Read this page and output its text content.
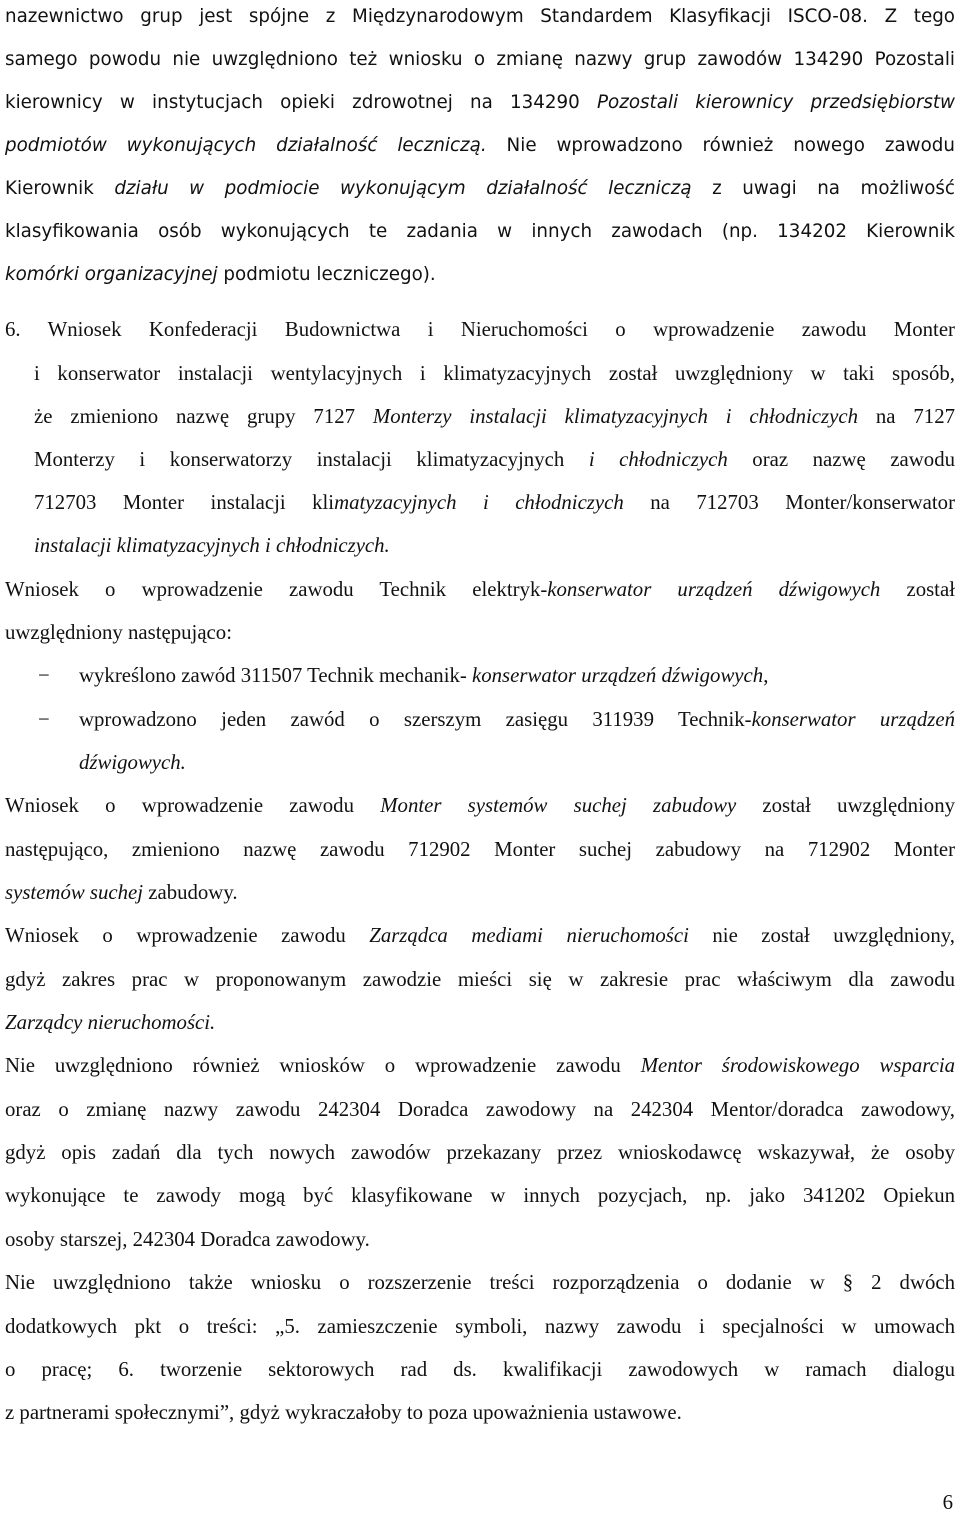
nazewnictwo grup jest spójne z Międzynarodowym Standardem Klasyfikacji ISCO-08. Z tego
samego powodu nie uwzględniono też wniosku o zmianę nazwy grup zawodów 134290 Pozostali
kierownicy w instytucjach opieki zdrowotnej na 134290 Pozostali kierownicy przedsiębiorstw
podmiotów wykonujących działalność leczniczą. Nie wprowadzono również nowego zawodu
Kierownik działu w podmiocie wykonującym działalność leczniczą z uwagi na możliwość
klasyfikowania osób wykonujących te zadania w innych zawodach (np. 134202 Kierownik
komórki organizacyjnej podmiotu leczniczego).
6. Wniosek Konfederacji Budownictwa i Nieruchomości o wprowadzenie zawodu Monter
i konserwator instalacji wentylacyjnych i klimatyzacyjnych został uwzględniony w taki sposób,
że zmieniono nazwę grupy 7127 Monterzy instalacji klimatyzacyjnych i chłodniczych na 7127
Monterzy i konserwatorzy instalacji klimatyzacyjnych i chłodniczych oraz nazwę zawodu
712703 Monter instalacji klimatyzacyjnych i chłodniczych na 712703 Monter/konserwator
instalacji klimatyzacyjnych i chłodniczych.
Wniosek o wprowadzenie zawodu Technik elektryk-konserwator urządzeń dźwigowych został
uwzględniony następująco:
− wykreślono zawód 311507 Technik mechanik- konserwator urządzeń dźwigowych,
− wprowadzono jeden zawód o szerszym zasięgu 311939 Technik-konserwator urządzeń
dźwigowych.
Wniosek o wprowadzenie zawodu Monter systemów suchej zabudowy został uwzględniony
następująco, zmieniono nazwę zawodu 712902 Monter suchej zabudowy na 712902 Monter
systemów suchej zabudowy.
Wniosek o wprowadzenie zawodu Zarządca mediami nieruchomości nie został uwzględniony,
gdyż zakres prac w proponowanym zawodzie mieści się w zakresie prac właściwym dla zawodu
Zarządcy nieruchomości.
Nie uwzględniono również wniosków o wprowadzenie zawodu Mentor środowiskowego wsparcia
oraz o zmianę nazwy zawodu 242304 Doradca zawodowy na 242304 Mentor/doradca zawodowy,
gdyż opis zadań dla tych nowych zawodów przekazany przez wnioskodawcę wskazywał, że osoby
wykonujące te zawody mogą być klasyfikowane w innych pozycjach, np. jako 341202 Opiekun
osoby starszej, 242304 Doradca zawodowy.
Nie uwzględniono także wniosku o rozszerzenie treści rozporządzenia o dodanie w § 2 dwóch
dodatkowych pkt o treści: „5. zamieszczenie symboli, nazwy zawodu i specjalności w umowach
o pracę; 6. tworzenie sektorowych rad ds. kwalifikacji zawodowych w ramach dialogu
z partnerami społecznymi”, gdyż wykraczałoby to poza upoważnienia ustawowe.
6
